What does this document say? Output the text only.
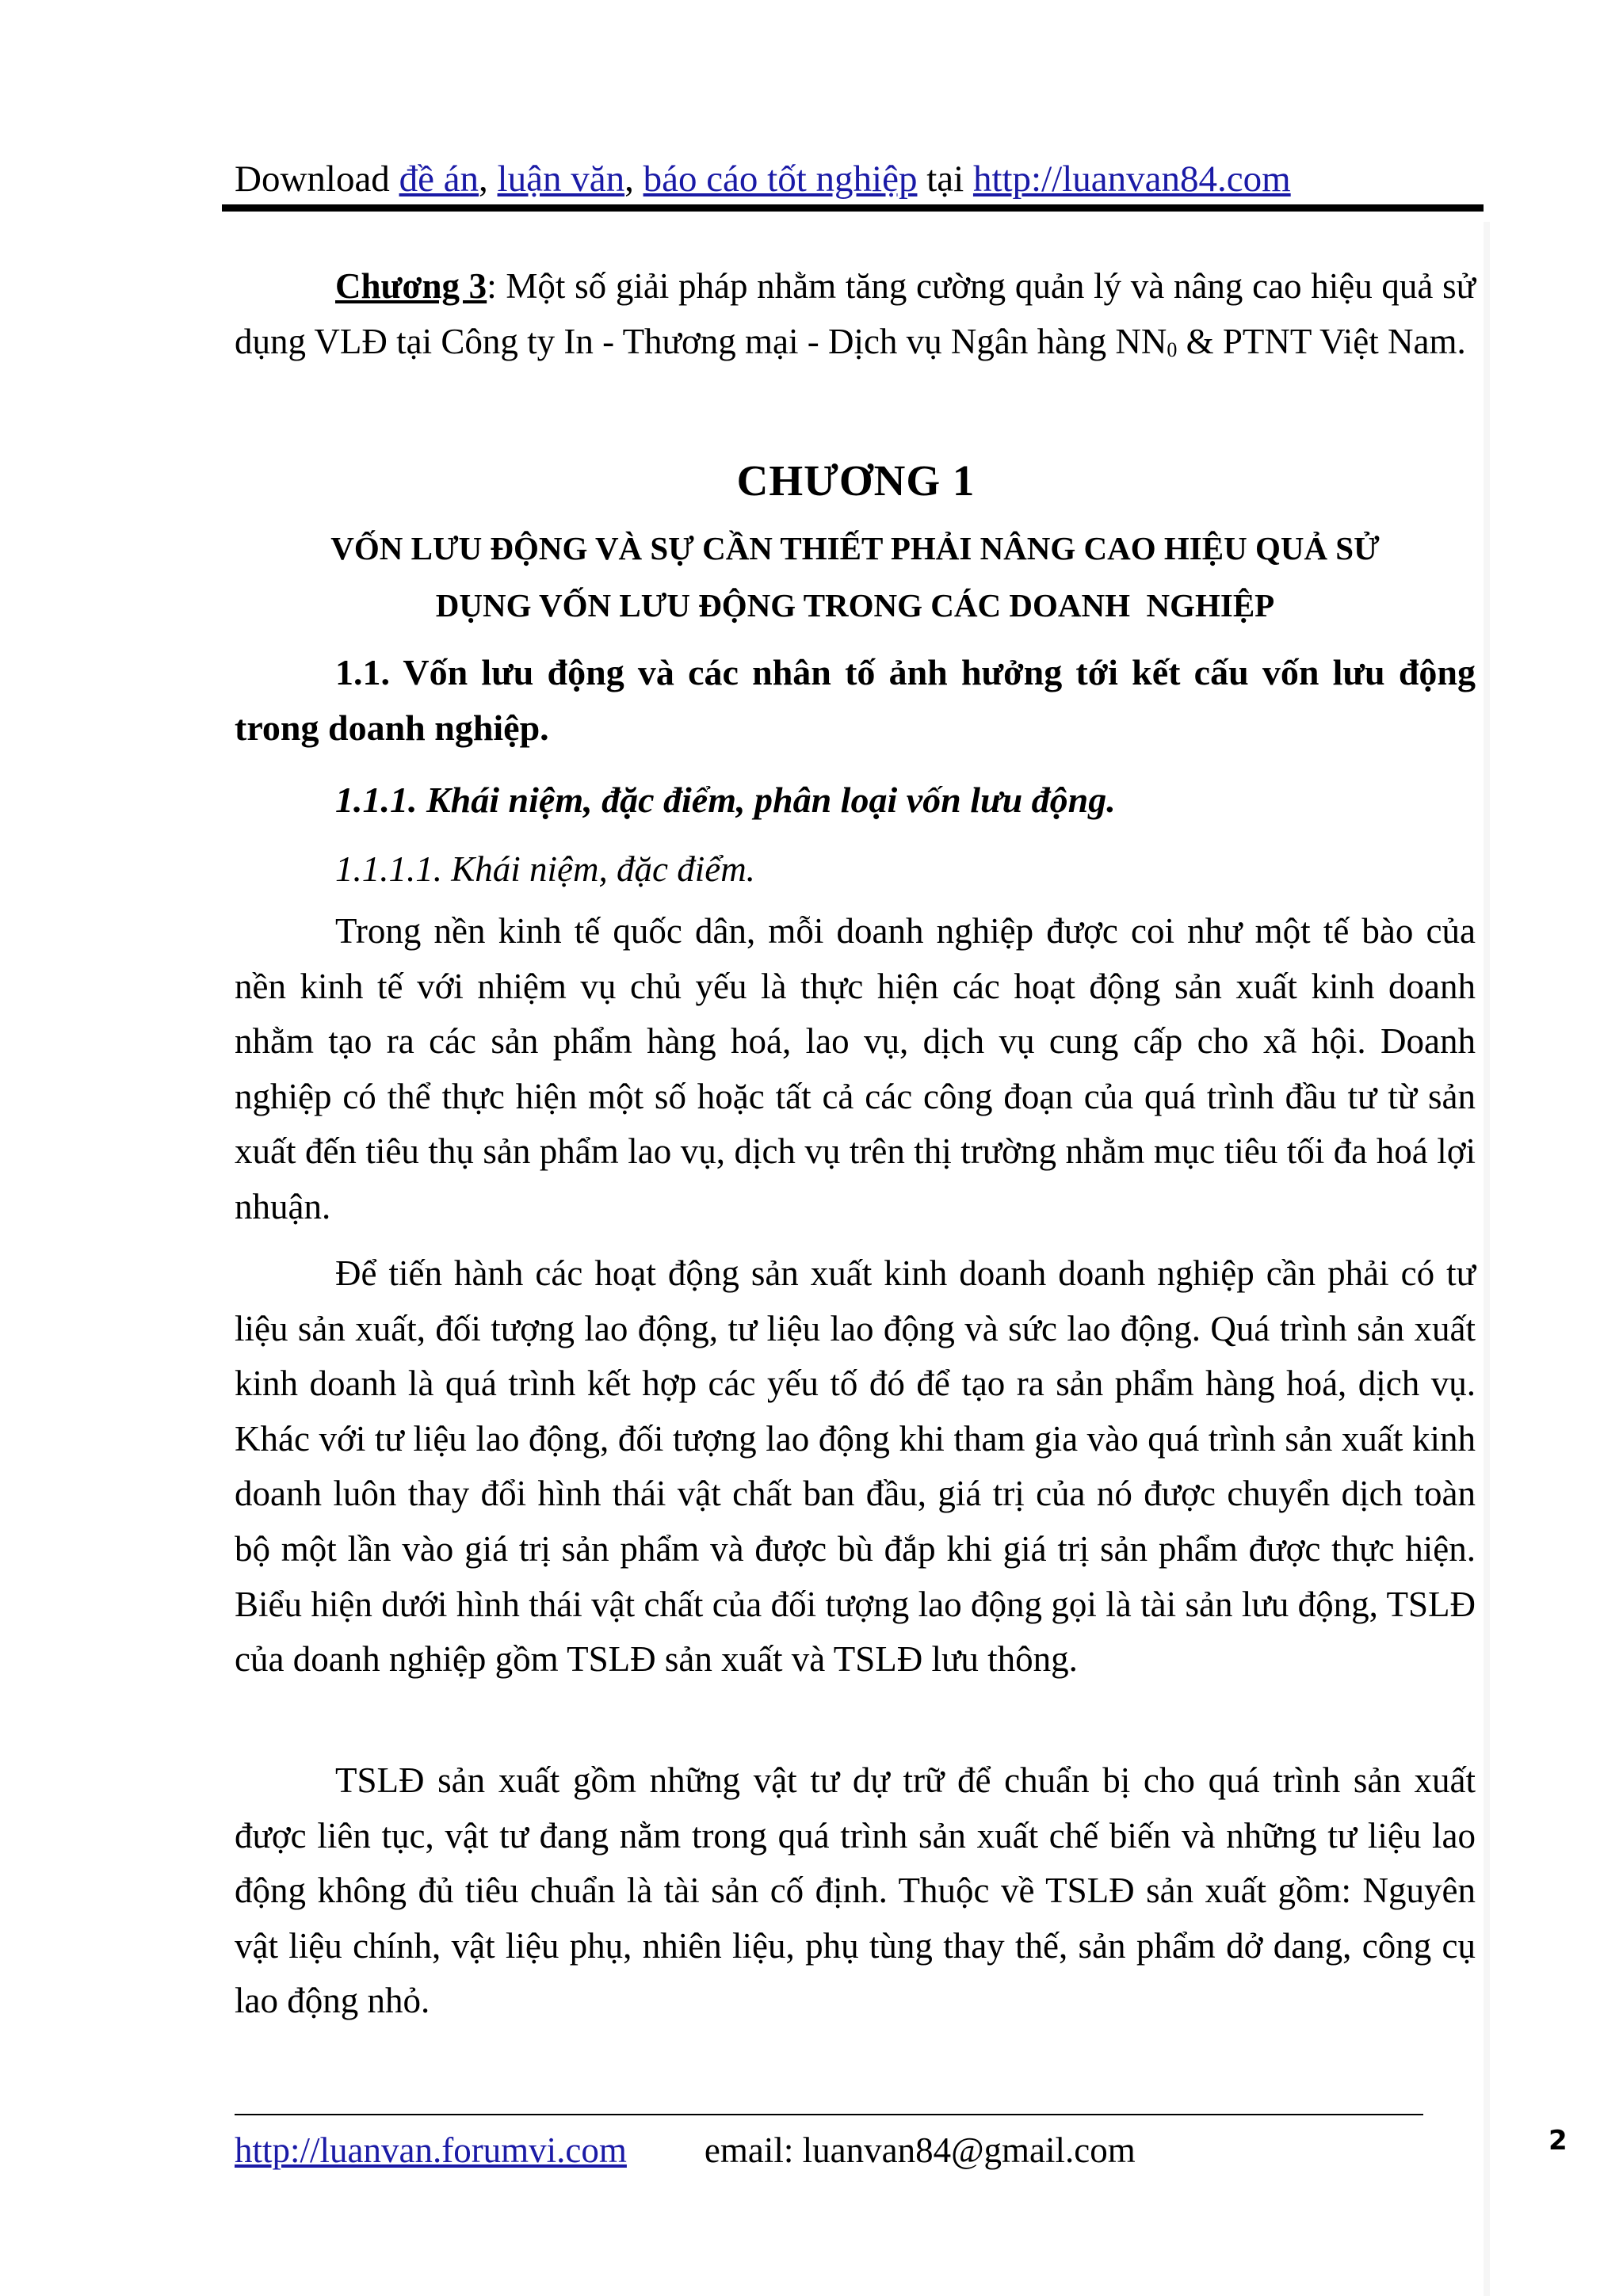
Download đề án, luận văn, báo cáo tốt nghiệp tại http://luanvan84.com
Chương 3: Một số giải pháp nhằm tăng cường quản lý và nâng cao hiệu quả sử dụng VLĐ tại Công ty In - Thương mại - Dịch vụ Ngân hàng $NN_0$ & PTNT Việt Nam.
CHƯƠNG 1
VỐN LƯU ĐỘNG VÀ SỰ CẦN THIẾT PHẢI NÂNG CAO HIỆU QUẢ SỬ
DỤNG VỐN LƯU ĐỘNG TRONG CÁC DOANH  NGHIỆP
1.1. Vốn lưu động và các nhân tố ảnh hưởng tới kết cấu vốn lưu động trong doanh nghiệp.
1.1.1. Khái niệm, đặc điểm, phân loại vốn lưu động.
1.1.1.1. Khái niệm, đặc điểm.
Trong nền kinh tế quốc dân, mỗi doanh nghiệp được coi như một tế bào của nền kinh tế với nhiệm vụ chủ yếu là thực hiện các hoạt động sản xuất kinh doanh nhằm tạo ra các sản phẩm hàng hoá, lao vụ, dịch vụ cung cấp cho xã hội. Doanh nghiệp có thể thực hiện một số hoặc tất cả các công đoạn của quá trình đầu tư từ sản xuất đến tiêu thụ sản phẩm lao vụ, dịch vụ trên thị trường nhằm mục tiêu tối đa hoá lợi nhuận.
Để tiến hành các hoạt động sản xuất kinh doanh doanh nghiệp cần phải có tư liệu sản xuất, đối tượng lao động, tư liệu lao động và sức lao động. Quá trình sản xuất kinh doanh là quá trình kết hợp các yếu tố đó để tạo ra sản phẩm hàng hoá, dịch vụ. Khác với tư liệu lao động, đối tượng lao động khi tham gia vào quá trình sản xuất kinh doanh luôn thay đổi hình thái vật chất ban đầu, giá trị của nó được chuyển dịch toàn bộ một lần vào giá trị sản phẩm và được bù đắp khi giá trị sản phẩm được thực hiện. Biểu hiện dưới hình thái vật chất của đối tượng lao động gọi là tài sản lưu động, TSLĐ của doanh nghiệp gồm TSLĐ sản xuất và TSLĐ lưu thông.
TSLĐ sản xuất gồm những vật tư dự trữ để chuẩn bị cho quá trình sản xuất được liên tục, vật tư đang nằm trong quá trình sản xuất chế biến và những tư liệu lao động không đủ tiêu chuẩn là tài sản cố định. Thuộc về TSLĐ sản xuất gồm: Nguyên vật liệu chính, vật liệu phụ, nhiên liệu, phụ tùng thay thế, sản phẩm dở dang, công cụ lao động nhỏ.
http://luanvan.forumvi.com email: luanvan84@gmail.com	2
